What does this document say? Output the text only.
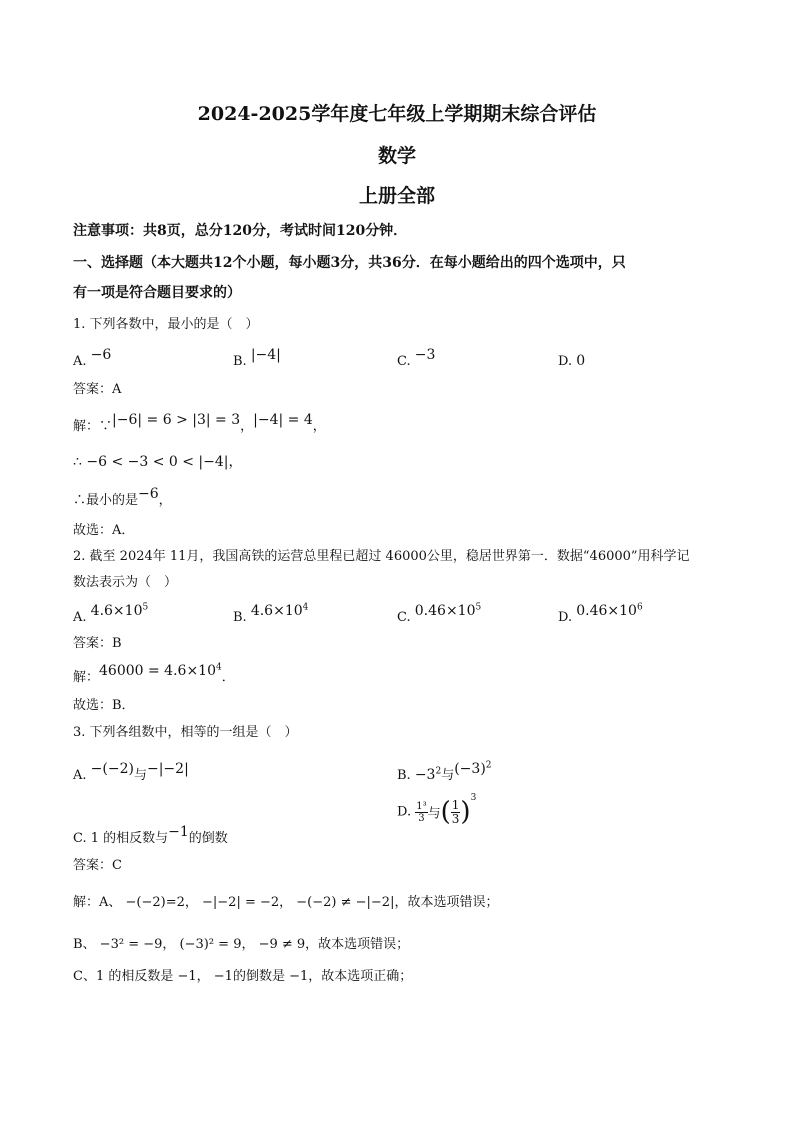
2024-2025学年度七年级上学期期末综合评估
数学
上册全部
注意事项：共8页，总分120分，考试时间120分钟．
一、选择题（本大题共12个小题，每小题3分，共36分．在每小题给出的四个选项中，只
有一项是符合题目要求的）
1. 下列各数中，最小的是（　）
A. −6	B. |−4|	C. −3	D. 0
答案：A
解：∵|−6| = 6 > |3| = 3，|−4| = 4，
∴ −6 < −3 < 0 < |−4|，
∴最小的是−6，
故选：A．
2. 截至 2024年 11月，我国高铁的运营总里程已超过 46000公里，稳居世界第一．数据“46000”用科学记
数法表示为（　）
A. $4.6\times 10^5$
B. $4.6\times 10^4$
C. $0.46\times 10^5$
D. $0.46\times 10^6$
答案：B
解：$46000 = 4.6\times 10^4$．
故选：B．
3. 下列各组数中，相等的一组是（　）
A. −(−2)与−|−2|	B. $-3^2$与$(-3)^2$
C. 1 的相反数与−1的倒数
D. $\frac{\text{1³}}{3}$ 与( $\frac{1}{3} )^3$
答案：C
解：A、 −(−2)=2， −|−2| = −2， −(−2) ≠ −|−2|，故本选项错误；
B、 −3² = −9， (−3)² = 9， −9 ≠ 9，故本选项错误；
C、1 的相反数是 −1， −1的倒数是 −1，故本选项正确；
